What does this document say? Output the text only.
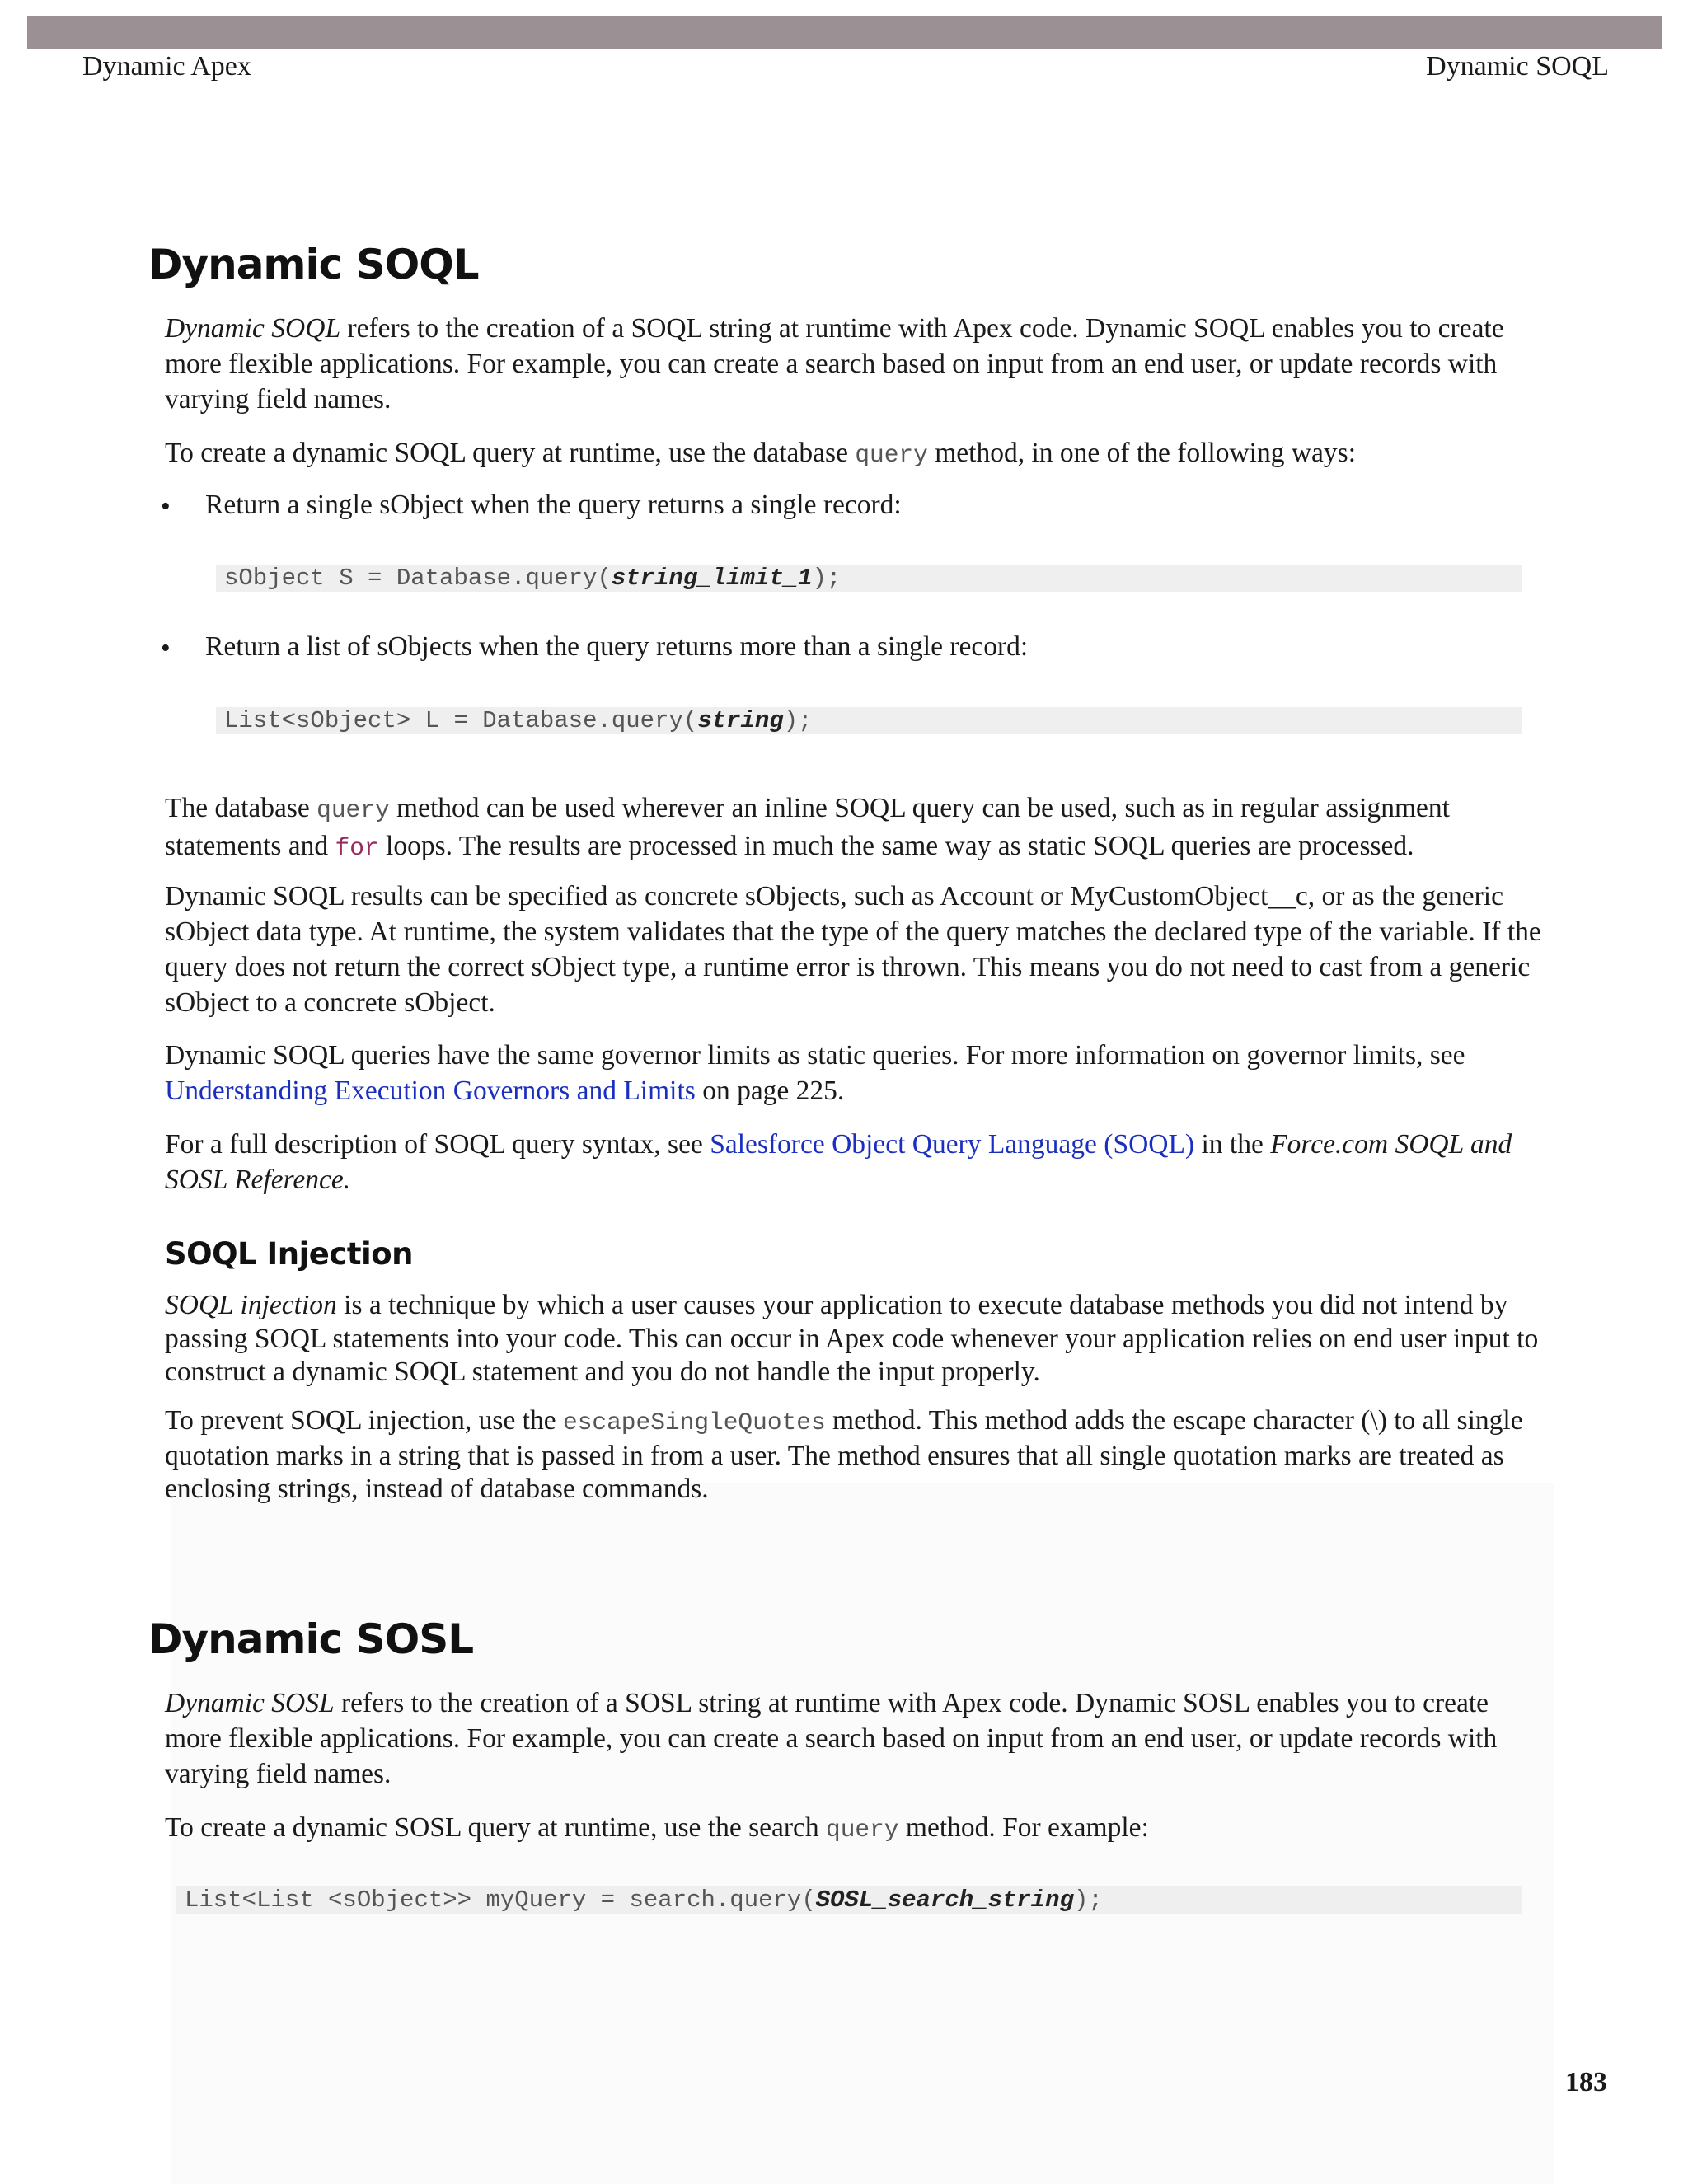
Dynamic Apex	Dynamic SOQL
Dynamic SOQL

Dynamic SOQL refers to the creation of a SOQL string at runtime with Apex code. Dynamic SOQL enables you to create more flexible applications. For example, you can create a search based on input from an end user, or update records with varying field names.

To create a dynamic SOQL query at runtime, use the database query method, in one of the following ways:

• Return a single sObject when the query returns a single record:

sObject S = Database.query(string_limit_1);
• Return a list of sObjects when the query returns more than a single record:

List<sObject> L = Database.query(string);

The database query method can be used wherever an inline SOQL query can be used, such as in regular assignment statements and for loops. The results are processed in much the same way as static SOQL queries are processed.

Dynamic SOQL results can be specified as concrete sObjects, such as Account or MyCustomObject__c, or as the generic sObject data type. At runtime, the system validates that the type of the query matches the declared type of the variable. If the query does not return the correct sObject type, a runtime error is thrown. This means you do not need to cast from a generic sObject to a concrete sObject.

Dynamic SOQL queries have the same governor limits as static queries. For more information on governor limits, see Understanding Execution Governors and Limits on page 225.

For a full description of SOQL query syntax, see Salesforce Object Query Language (SOQL) in the Force.com SOQL and SOSL Reference.

SOQL Injection

SOQL injection is a technique by which a user causes your application to execute database methods you did not intend by passing SOQL statements into your code. This can occur in Apex code whenever your application relies on end user input to construct a dynamic SOQL statement and you do not handle the input properly.

To prevent SOQL injection, use the escapeSingleQuotes method. This method adds the escape character (\) to all single quotation marks in a string that is passed in from a user. The method ensures that all single quotation marks are treated as enclosing strings, instead of database commands.

Dynamic SOSL

Dynamic SOSL refers to the creation of a SOSL string at runtime with Apex code. Dynamic SOSL enables you to create more flexible applications. For example, you can create a search based on input from an end user, or update records with varying field names.

To create a dynamic SOSL query at runtime, use the search query method. For example:

List<List <sObject>> myQuery = search.query(SOSL_search_string);
183
